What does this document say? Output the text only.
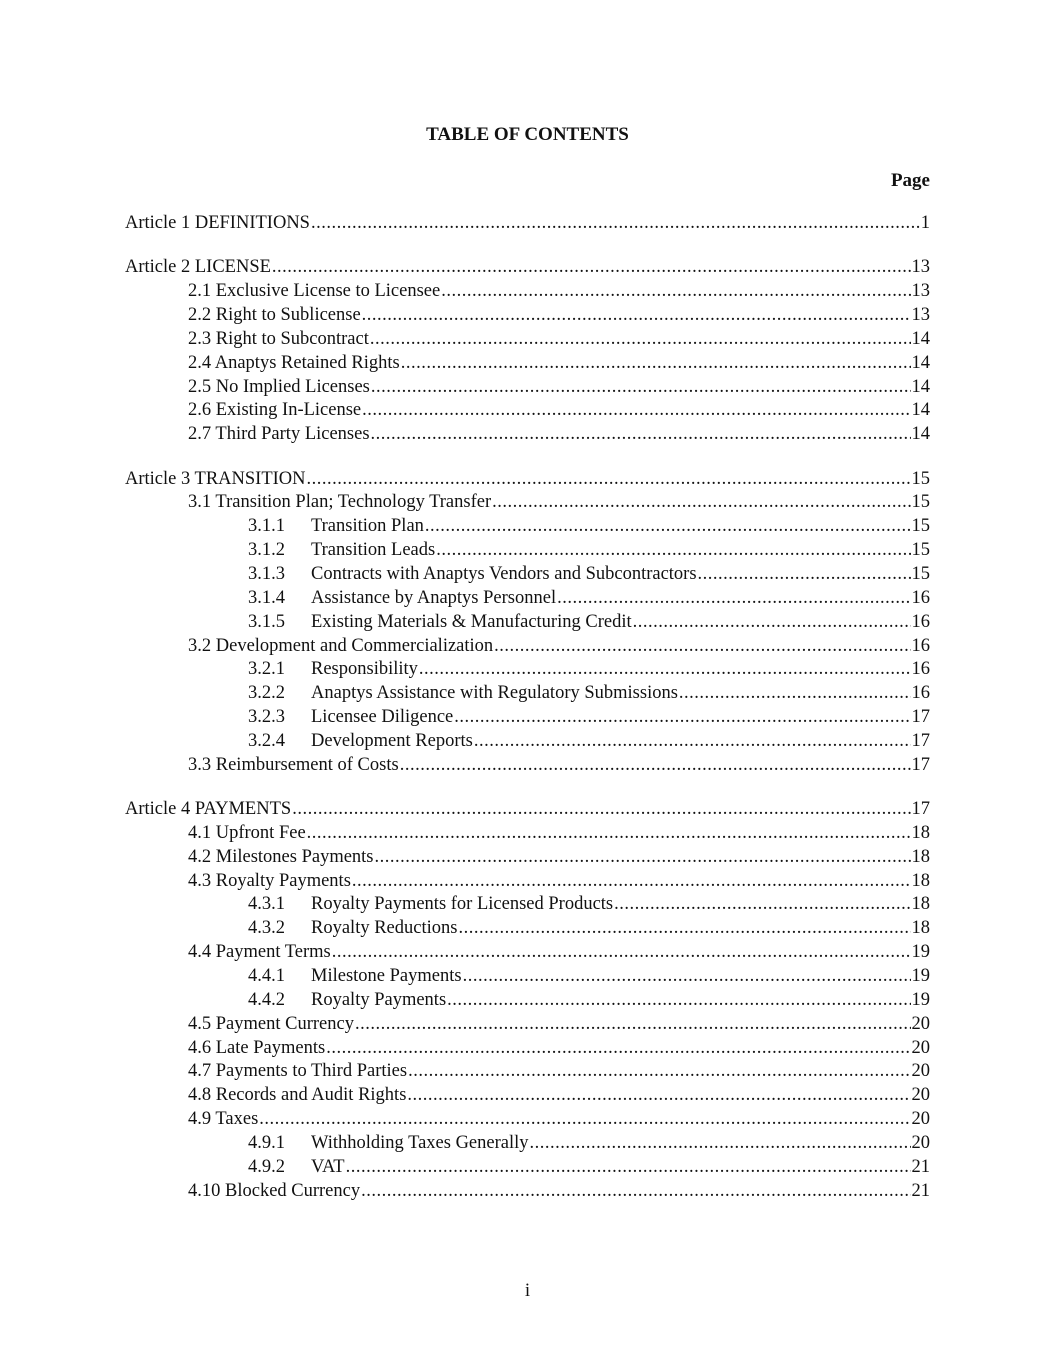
TABLE OF CONTENTS
Page
Article 1 DEFINITIONS .....	1
Article 2 LICENSE .....	13
2.1 Exclusive License to Licensee .....	13
2.2 Right to Sublicense .....	13
2.3 Right to Subcontract .....	14
2.4 Anaptys Retained Rights .....	14
2.5 No Implied Licenses .....	14
2.6 Existing In-License .....	14
2.7 Third Party Licenses .....	14
Article 3 TRANSITION .....	15
3.1 Transition Plan; Technology Transfer .....	15
3.1.1	Transition Plan .....	15
3.1.2	Transition Leads .....	15
3.1.3	Contracts with Anaptys Vendors and Subcontractors .....	15
3.1.4	Assistance by Anaptys Personnel .....	16
3.1.5	Existing Materials & Manufacturing Credit .....	16
3.2 Development and Commercialization .....	16
3.2.1	Responsibility .....	16
3.2.2	Anaptys Assistance with Regulatory Submissions .....	16
3.2.3	Licensee Diligence .....	17
3.2.4	Development Reports .....	17
3.3 Reimbursement of Costs .....	17
Article 4 PAYMENTS .....	17
4.1 Upfront Fee .....	18
4.2 Milestones Payments .....	18
4.3 Royalty Payments .....	18
4.3.1	Royalty Payments for Licensed Products .....	18
4.3.2	Royalty Reductions .....	18
4.4 Payment Terms .....	19
4.4.1	Milestone Payments .....	19
4.4.2	Royalty Payments .....	19
4.5 Payment Currency .....	20
4.6 Late Payments .....	20
4.7 Payments to Third Parties .....	20
4.8 Records and Audit Rights .....	20
4.9 Taxes .....	20
4.9.1	Withholding Taxes Generally .....	20
4.9.2	VAT .....	21
4.10 Blocked Currency .....	21
i
